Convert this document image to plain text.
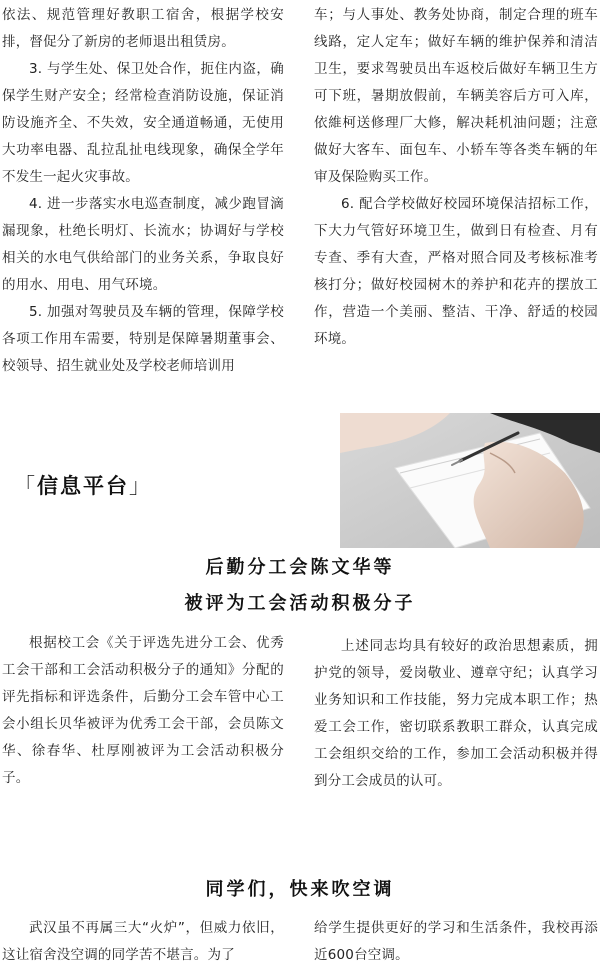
依法、规范管理好教职工宿舍，根据学校安排，督促分了新房的老师退出租赁房。

3. 与学生处、保卫处合作，扼住内盗，确保学生财产安全；经常检查消防设施，保证消防设施齐全、不失效，安全通道畅通，无使用大功率电器、乱拉乱扯电线现象，确保全学年不发生一起火灾事故。

4. 进一步落实水电巡查制度，减少跑冒滴漏现象，杜绝长明灯、长流水；协调好与学校相关的水电气供给部门的业务关系，争取良好的用水、用电、用气环境。

5. 加强对驾驶员及车辆的管理，保障学校各项工作用车需要，特别是保障暑期董事会、校领导、招生就业处及学校老师培训用

车；与人事处、教务处协商，制定合理的班车线路，定人定车；做好车辆的维护保养和清洁卫生，要求驾驶员出车返校后做好车辆卫生方可下班，暑期放假前，车辆美容后方可入库，依維柯送修理厂大修，解决耗机油问题；注意做好大客车、面包车、小轿车等各类车辆的年审及保险购买工作。

6. 配合学校做好校园环境保洁招标工作，下大力气管好环境卫生，做到日有检查、月有专查、季有大查，严格对照合同及考核标准考核打分；做好校园树木的养护和花卉的摆放工作，营造一个美丽、整洁、干净、舒适的校园环境。

「信息平台」
后勤分工会陈文华等
被评为工会活动积极分子

根据校工会《关于评选先进分工会、优秀工会干部和工会活动积极分子的通知》分配的评先指标和评选条件，后勤分工会车管中心工会小组长贝华被评为优秀工会干部，会员陈文华、徐春华、杜厚刚被评为工会活动积极分子。

上述同志均具有较好的政治思想素质，拥护党的领导，爱岗敬业、遵章守纪；认真学习业务知识和工作技能，努力完成本职工作；热爱工会工作，密切联系教职工群众，认真完成工会组织交给的工作，参加工会活动积极并得到分工会成员的认可。

同学们，快来吹空调

武汉虽不再属三大“火炉”，但威力依旧，这让宿舍没空调的同学苦不堪言。为了

给学生提供更好的学习和生活条件，我校再添近600台空调。
